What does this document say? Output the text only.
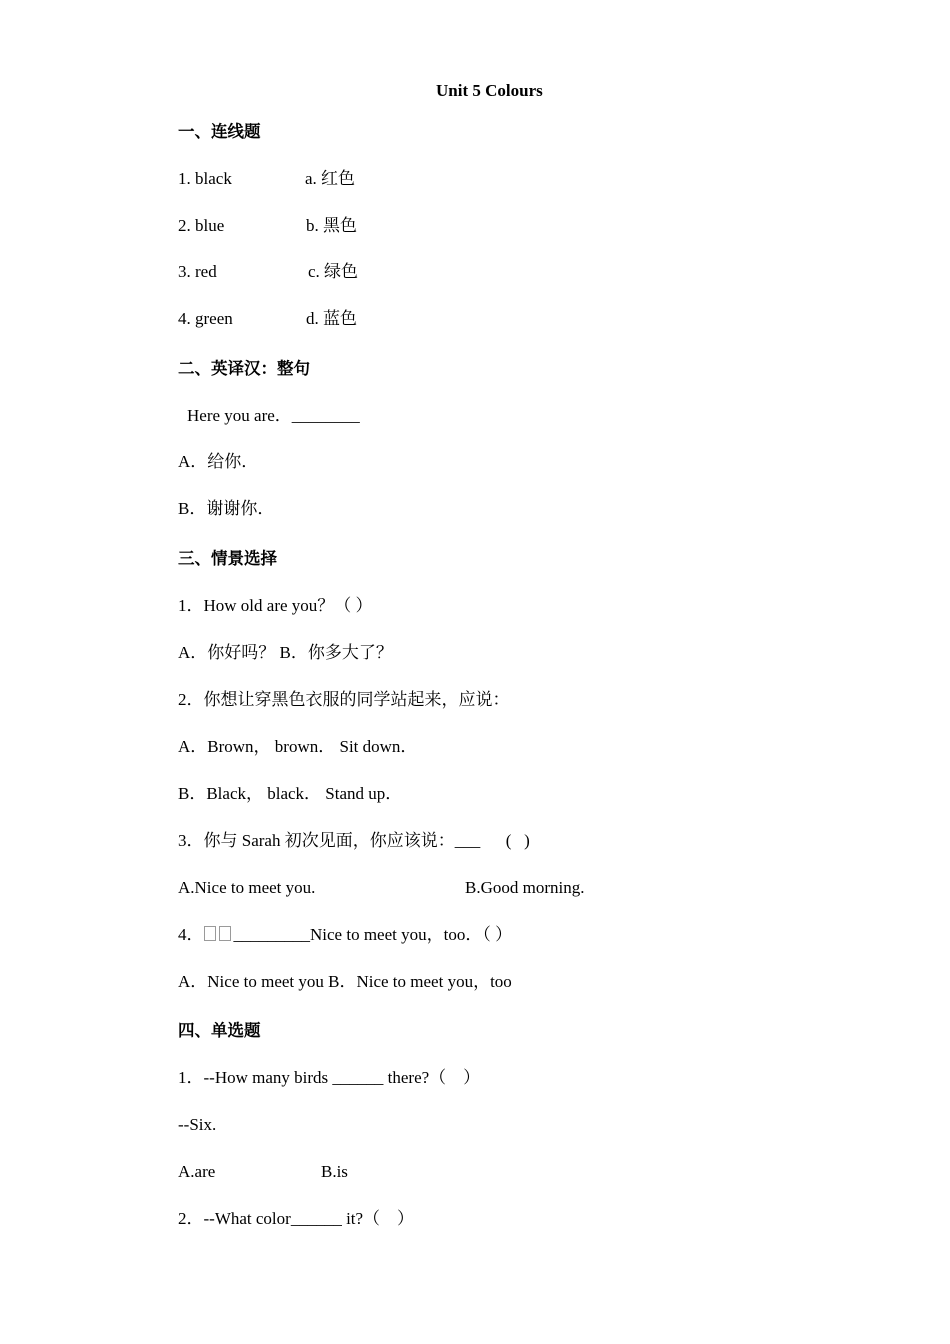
Unit 5 Colours
一、连线题
1. black	a. 红色
2. blue	b. 黑色
3. red	c. 绿色
4. green	d. 蓝色
二、英译汉：整句
Here you are．________
A．给你．
B．谢谢你．
三、情景选择
1．How old are you？（ ）
A．你好吗？ B．你多大了？
2．你想让穿黑色衣服的同学站起来，应说：
A．Brown， brown． Sit down．
B．Black， black． Stand up．
3．你与 Sarah 初次见面，你应该说：___      (   )
A.Nice to meet you.	B.Good morning.
4． _________Nice to meet you，too．（ ）
A．Nice to meet you B．Nice to meet you，too
四、单选题
1．--How many birds ______ there?（    ）
--Six.
A.are	B.is
2．--What color______ it?（    ）
